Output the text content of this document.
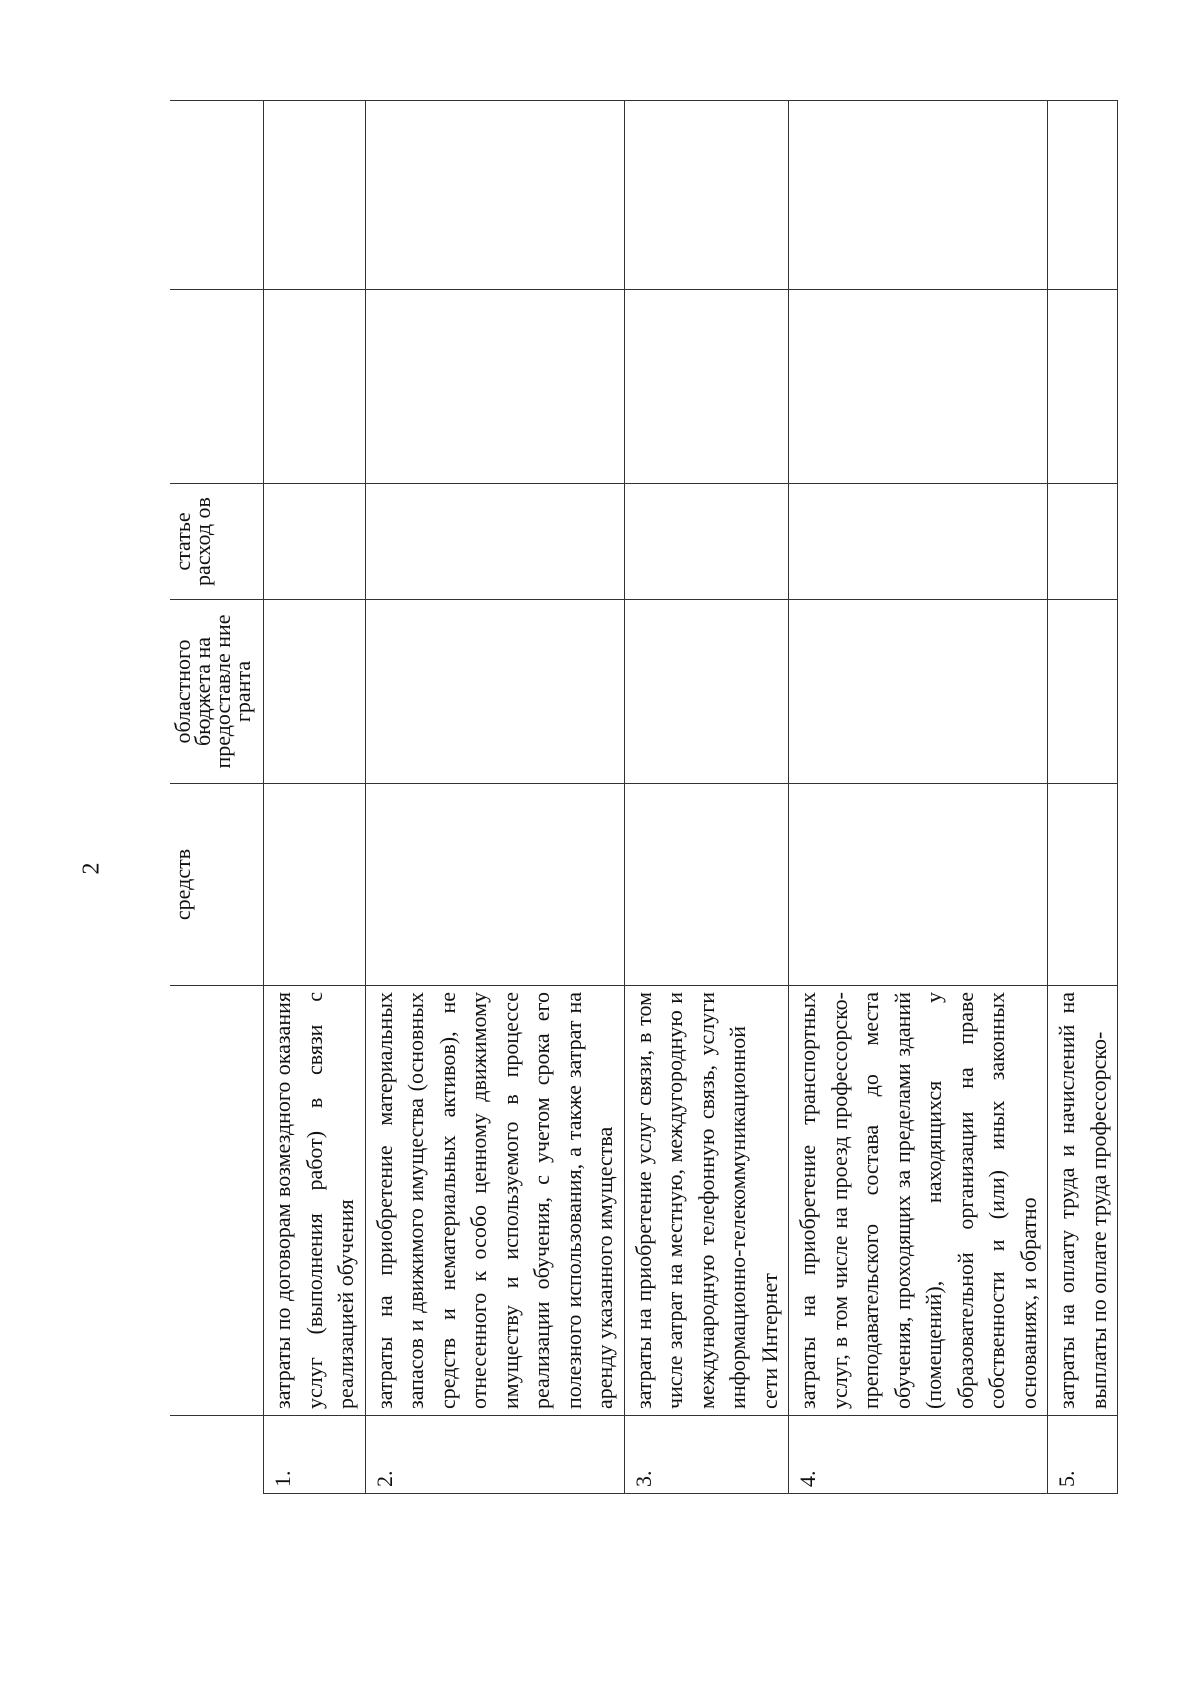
2
			средств	областного бюджета на предоставле ние гранта	статье расход ов		
1.	затраты по договорам возмездного оказания услуг (выполнения работ) в связи с реализацией обучения					
2.	затраты на приобретение материальных запасов и движимого имущества (основных средств и нематериальных активов), не отнесенного к особо ценному движимому имуществу и используемого в процессе реализации обучения, с учетом срока его полезного использования, а также затрат на аренду указанного имущества					
3.	затраты на приобретение услуг связи, в том числе затрат на местную, междугородную и международную телефонную связь, услуги информационно-телекоммуникационной сети Интернет					
4.	затраты на приобретение транспортных услуг, в том числе на проезд профессорско-преподавательского состава до места обучения, проходящих за пределами зданий (помещений), находящихся у образовательной организации на праве собственности и (или) иных законных основаниях, и обратно					
5.	затраты на оплату труда и начислений на выплаты по оплате труда профессорско-					
